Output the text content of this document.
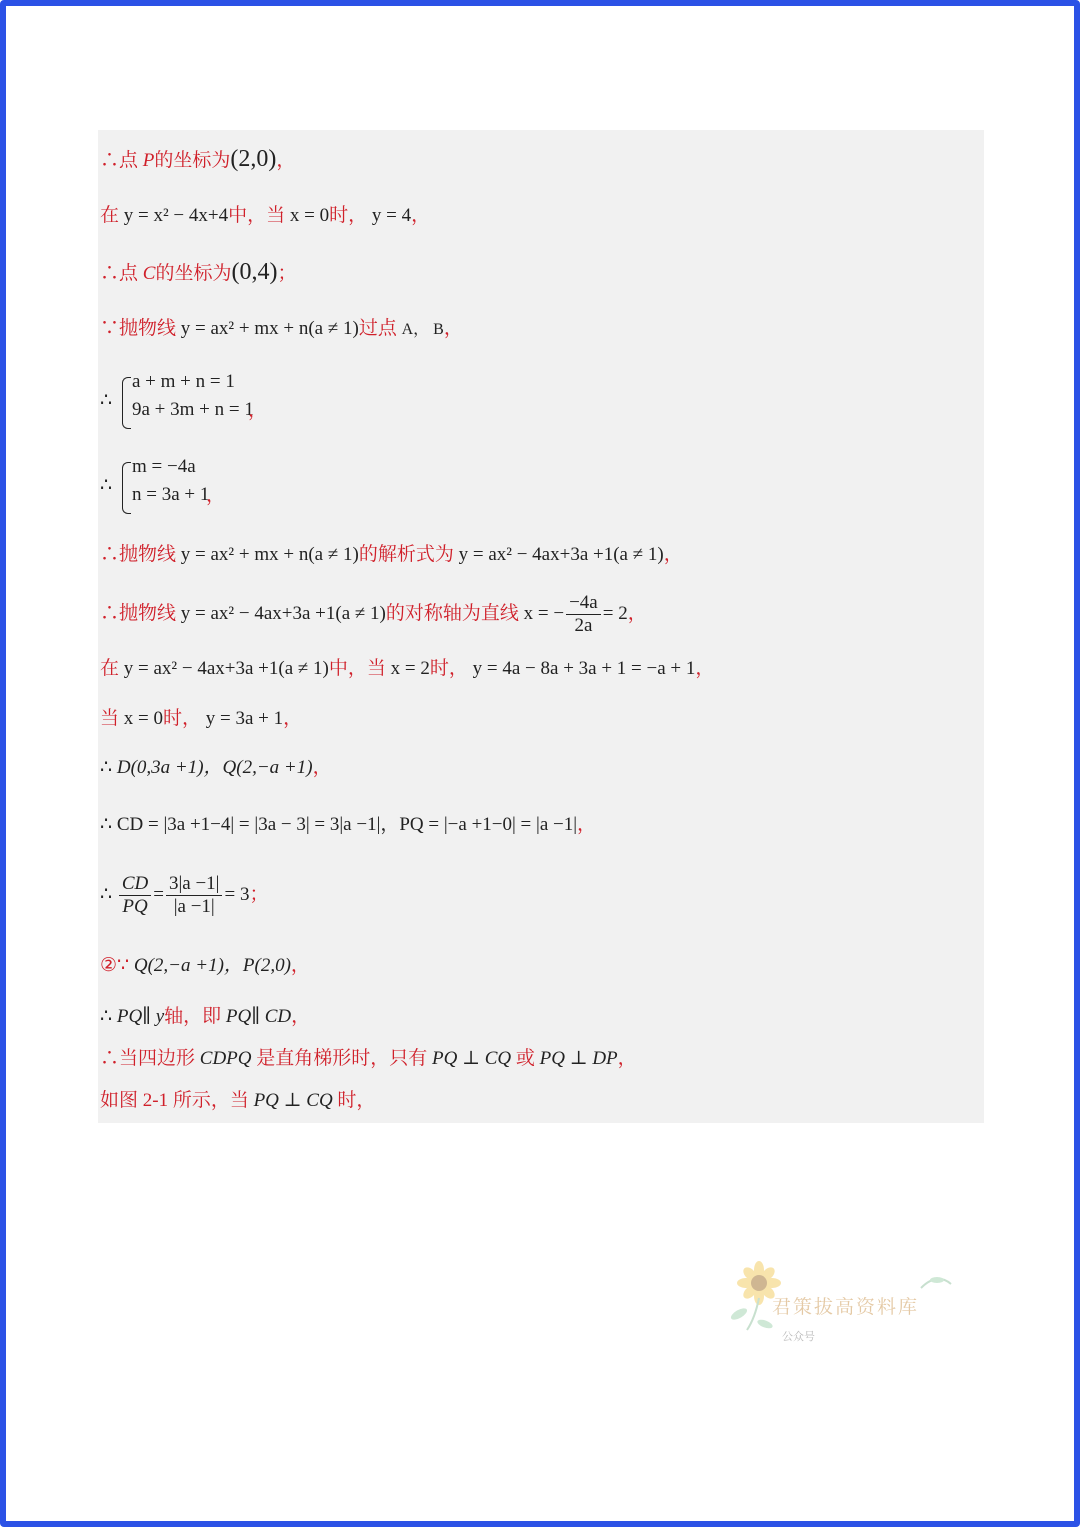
∴点 P的坐标为(2,0)，
在 y = x² − 4x+4中，当 x = 0时， y = 4，
∴点 C的坐标为(0,4)；
∵抛物线 y = ax² + mx + n(a ≠ 1)过点 A， B，
∴
a + m + n = 1
9a + 3m + n = 1
，
∴
m = −4a
n = 3a + 1
，
∴抛物线 y = ax² + mx + n(a ≠ 1)的解析式为 y = ax² − 4ax+3a +1(a ≠ 1)，
∴抛物线 y = ax² − 4ax+3a +1(a ≠ 1)的对称轴为直线 x = − $\frac{-4a}{2a} = 2$，
在 y = ax² − 4ax+3a +1(a ≠ 1)中，当 x = 2时， y = 4a − 8a + 3a + 1 = −a + 1，
当 x = 0时， y = 3a + 1，
∴ D(0,3a +1)，Q(2,−a +1)，
∴ CD = |3a +1−4| = |3a − 3| = 3|a −1|，PQ = |−a +1−0| = |a −1|，
∴ $\frac{CD}{PQ} = \frac{3|a -1|}{|a -1|} = 3$；
②∵ Q(2,−a +1)，P(2,0)，
∴ PQ∥ y轴，即 PQ∥ CD，
∴当四边形 CDPQ 是直角梯形时，只有 PQ ⊥ CQ 或 PQ ⊥ DP，
如图 2-1 所示，当 PQ ⊥ CQ 时，
君策拔高资料库
公众号
